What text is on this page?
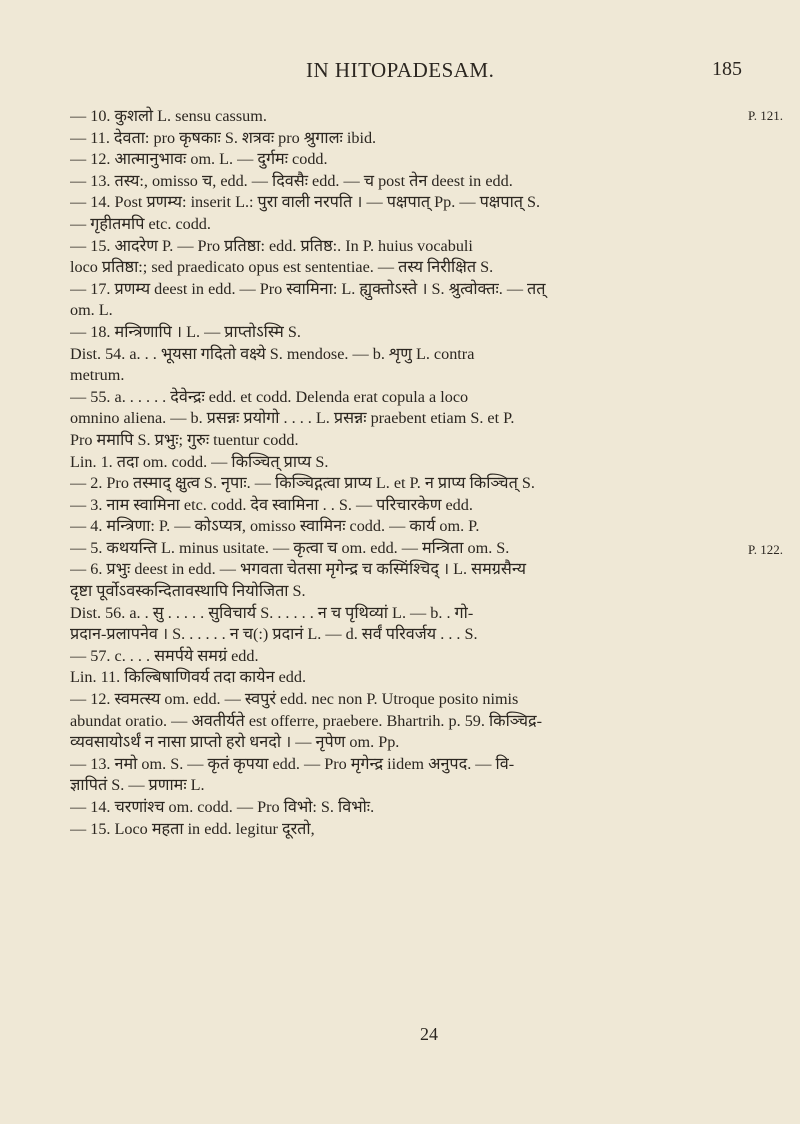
IN HITOPADESAM.	185
P. 121.
P. 122.
— 10. कुशलो L. sensu cassum.
— 11. देवता: pro कृषकाः S. शत्रवः pro श्रुगालः ibid.
— 12. आत्मानुभावः om. L. — दुर्गमः codd.
— 13. तस्य:, omisso च, edd. — दिवसैः edd. — च post तेन deest in edd.
— 14. Post प्रणम्य: inserit L.: पुरा वाली नरपति । — पक्षपात् Pp. — पक्षपात् S.
— गृहीतमपि etc. codd.
— 15. आदरेण P. — Pro प्रतिष्ठा: edd. प्रतिष्ठ:. In P. huius vocabuli
loco प्रतिष्ठा:; sed praedicato opus est sententiae. — तस्य निरीक्षित S.
— 17. प्रणम्य deest in edd. — Pro स्वामिना: L. ह्युक्तोऽस्ते । S. श्रुत्वोक्तः. — तत्
om. L.
— 18. मन्त्रिणापि । L. — प्राप्तोऽस्मि S.
Dist. 54. a. . . भूयसा गदितो वक्ष्ये S. mendose. — b. शृणु L. contra
metrum.
— 55. a. . . . . . देवेन्द्रः edd. et codd. Delenda erat copula a loco
omnino aliena. — b. प्रसन्नः प्रयोगो . . . . L. प्रसन्नः praebent etiam S. et P.
Pro ममापि S. प्रभुः; गुरुः tuentur codd.
Lin. 1. तदा om. codd. — किञ्चित् प्राप्य S.
— 2. Pro तस्माद् क्षुत्व S. नृपाः. — किञ्चिद्गत्वा प्राप्य L. et P. न प्राप्य किञ्चित् S.
— 3. नाम स्वामिना etc. codd. देव स्वामिना . . S. — परिचारकेण edd.
— 4. मन्त्रिणा: P. — कोऽप्यत्र, omisso स्वामिनः codd. — कार्य om. P.
— 5. कथयन्ति L. minus usitate. — कृत्वा च om. edd. — मन्त्रिता om. S.
— 6. प्रभुः deest in edd. — भगवता चेतसा मृगेन्द्र च कस्मिंश्चिद् । L. समग्रसैन्य
दृष्टा पूर्वोऽवस्कन्दितावस्थापि नियोजिता S.
Dist. 56. a. . सु . . . . . सुविचार्य S. . . . . . न च पृथिव्यां L. — b. . गो-
प्रदान-प्रलापनेव । S. . . . . . न च(:) प्रदानं L. — d. सर्वं परिवर्जय . . . S.
— 57. c. . . . समर्पये समग्रं edd.
Lin. 11. किल्बिषाणिवर्य तदा कायेन edd.
— 12. स्वमत्स्य om. edd. — स्वपुरं edd. nec non P. Utroque posito nimis
abundat oratio. — अवतीर्यते est offerre, praebere. Bhartrih. p. 59. किञ्चिद्र-
व्यवसायोऽर्थं न नासा प्राप्तो हरो धनदो । — नृपेण om. Pp.
— 13. नमो om. S. — कृतं कृपया edd. — Pro मृगेन्द्र iidem अनुपद. — वि-
ज्ञापितं S. — प्रणामः L.
— 14. चरणांश्च om. codd. — Pro विभो: S. विभोः.
— 15. Loco महता in edd. legitur दूरतो,
24
